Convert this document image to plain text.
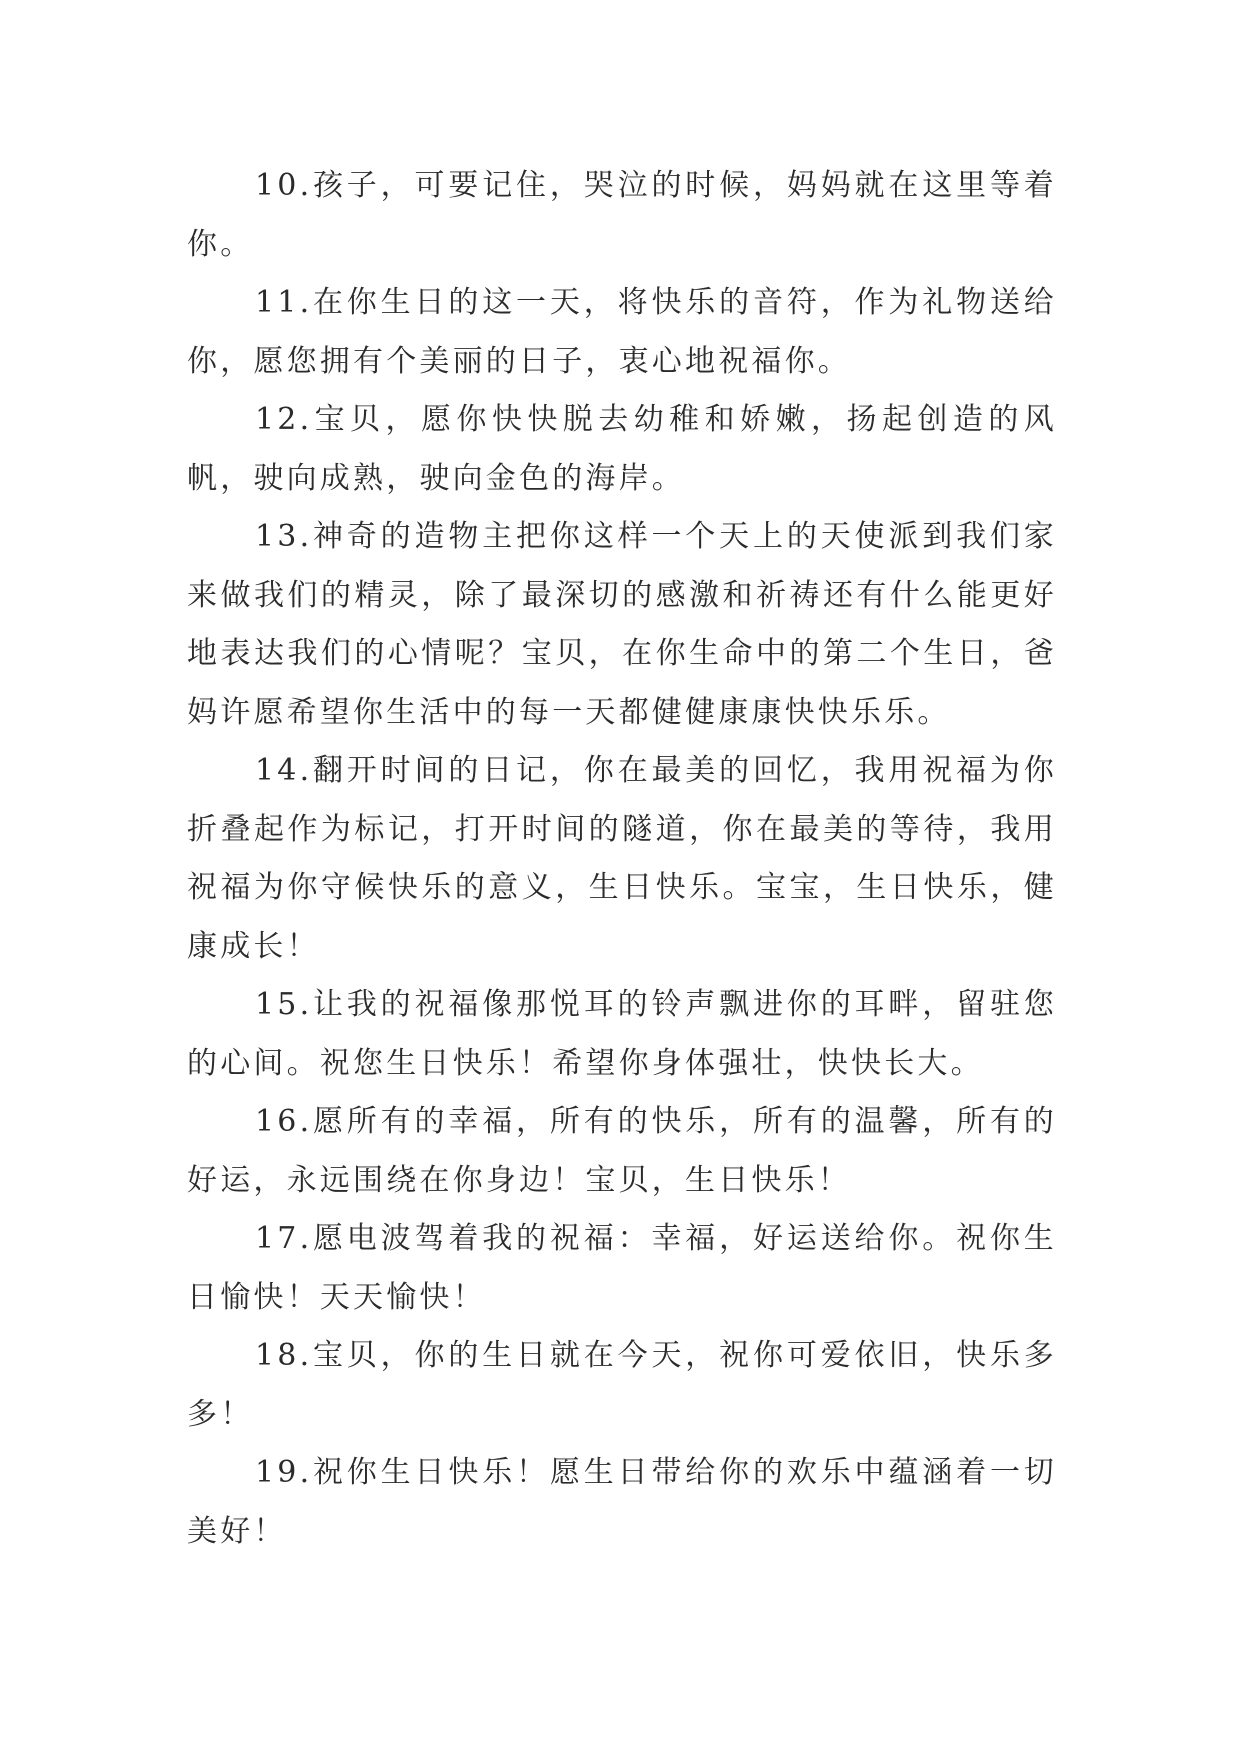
10.孩子，可要记住，哭泣的时候，妈妈就在这里等着你。

11.在你生日的这一天，将快乐的音符，作为礼物送给你，愿您拥有个美丽的日子，衷心地祝福你。

12.宝贝，愿你快快脱去幼稚和娇嫩，扬起创造的风帆，驶向成熟，驶向金色的海岸。

13.神奇的造物主把你这样一个天上的天使派到我们家来做我们的精灵，除了最深切的感激和祈祷还有什么能更好地表达我们的心情呢？宝贝，在你生命中的第二个生日，爸妈许愿希望你生活中的每一天都健健康康快快乐乐。

14.翻开时间的日记，你在最美的回忆，我用祝福为你折叠起作为标记，打开时间的隧道，你在最美的等待，我用祝福为你守候快乐的意义，生日快乐。宝宝，生日快乐，健康成长！

15.让我的祝福像那悦耳的铃声飘进你的耳畔，留驻您的心间。祝您生日快乐！希望你身体强壮，快快长大。

16.愿所有的幸福，所有的快乐，所有的温馨，所有的好运，永远围绕在你身边！宝贝，生日快乐！

17.愿电波驾着我的祝福：幸福，好运送给你。祝你生日愉快！天天愉快！

18.宝贝，你的生日就在今天，祝你可爱依旧，快乐多多！

19.祝你生日快乐！愿生日带给你的欢乐中蕴涵着一切美好！
